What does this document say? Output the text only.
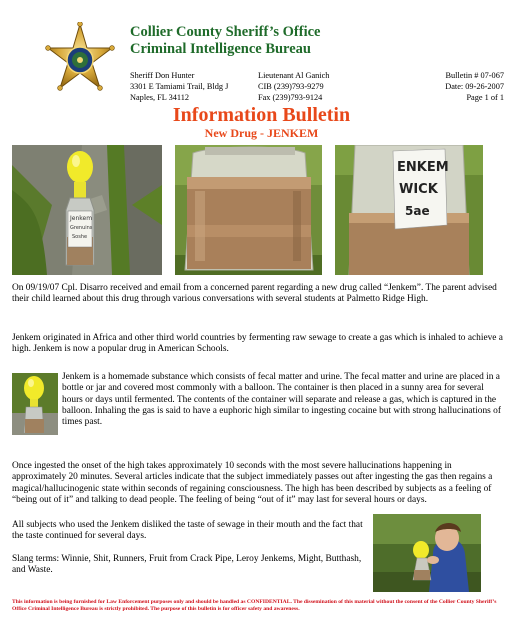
Collier County Sheriff’s Office
Criminal Intelligence Bureau
Sheriff Don Hunter
3301 E Tamiami Trail, Bldg J
Naples, FL 34112
Lieutenant Al Ganich
CIB (239)793-9279
Fax (239)793-9124
Bulletin # 07-067
Date: 09-26-2007
Page 1 of 1
Information Bulletin
New Drug - JENKEM
Jenkem
Grenuins
Soshe
ENKEM
WICK
5ae
On 09/19/07 Cpl. Disarro received and email from a concerned parent regarding a new drug called “Jenkem”. The parent advised their child learned about this drug through various conversations with several students at Palmetto Ridge High.
Jenkem originated in Africa and other third world countries by fermenting raw sewage to create a gas which is inhaled to achieve a high. Jenkem is now a popular drug in American Schools.
Jenkem is a homemade substance which consists of fecal matter and urine. The fecal matter and urine are placed in a bottle or jar and covered most commonly with a balloon. The container is then placed in a sunny area for several hours or days until fermented. The contents of the container will separate and release a gas, which is captured in the balloon. Inhaling the gas is said to have a euphoric high similar to ingesting cocaine but with strong hallucinations of times past.
Once ingested the onset of the high takes approximately 10 seconds with the most severe hallucinations happening in approximately 20 minutes. Several articles indicate that the subject immediately passes out after ingesting the gas then regains a magical/hallucinogenic state within seconds of regaining consciousness. The high has been described by subjects as a feeling of “being out of it” and talking to dead people. The feeling of being “out of it” may last for several hours or days.
All subjects who used the Jenkem disliked the taste of sewage in their mouth and the fact that the taste continued for several days.
Slang terms: Winnie, Shit, Runners, Fruit from Crack Pipe, Leroy Jenkems, Might, Butthash, and Waste.
This information is being furnished for Law Enforcement purposes only and should be handled as CONFIDENTIAL. The dissemination of this material without the consent of the Collier County Sheriff’s Office Criminal Intelligence Bureau is strictly prohibited. The purpose of this bulletin is for officer safety and awareness.
